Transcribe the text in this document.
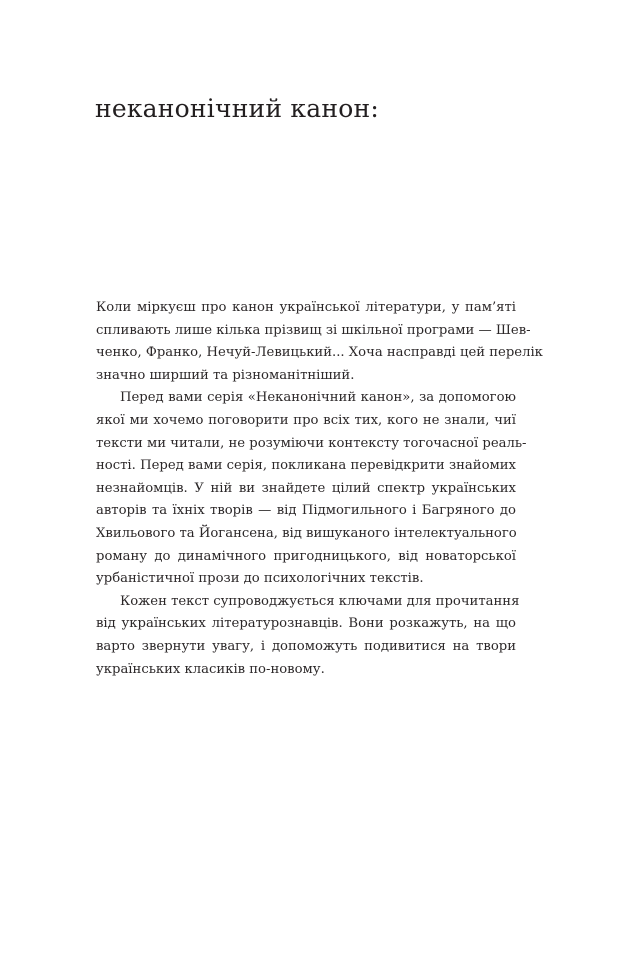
неканонічний канон:
Коли міркуєш про канон української літератури, у пам’яті
спливають лише кілька прізвищ зі шкільної програми — Шев-
ченко, Франко, Нечуй-Левицький... Хоча насправді цей перелік
значно ширший та різноманітніший.
Перед вами серія «Неканонічний канон», за допомогою
якої ми хочемо поговорити про всіх тих, кого не знали, чиї
тексти ми читали, не розуміючи контексту тогочасної реаль-
ності. Перед вами серія, покликана перевідкрити знайомих
незнайомців. У ній ви знайдете цілий спектр українських
авторів та їхніх творів — від Підмогильного і Багряного до
Хвильового та Йогансена, від вишуканого інтелектуального
роману до динамічного пригодницького, від новаторської
урбаністичної прози до психологічних текстів.
Кожен текст супроводжується ключами для прочитання
від українських літературознавців. Вони розкажуть, на що
варто звернути увагу, і допоможуть подивитися на твори
українських класиків по-новому.
